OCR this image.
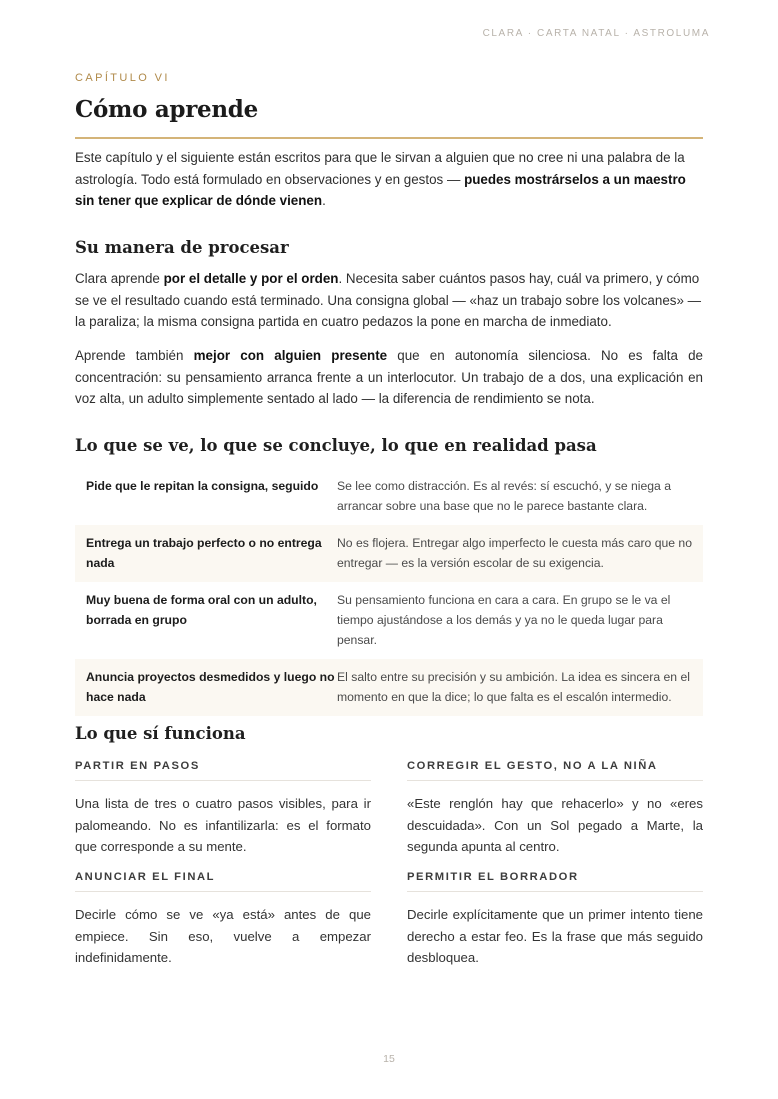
CLARA · CARTA NATAL · ASTROLUMA
CAPÍTULO VI
Cómo aprende

Este capítulo y el siguiente están escritos para que le sirvan a alguien que no cree ni una palabra de la astrología. Todo está formulado en observaciones y en gestos — puedes mostrárselos a un maestro sin tener que explicar de dónde vienen.

Su manera de procesar

Clara aprende por el detalle y por el orden. Necesita saber cuántos pasos hay, cuál va primero, y cómo se ve el resultado cuando está terminado. Una consigna global — «haz un trabajo sobre los volcanes» — la paraliza; la misma consigna partida en cuatro pedazos la pone en marcha de inmediato.

Aprende también mejor con alguien presente que en autonomía silenciosa. No es falta de concentración: su pensamiento arranca frente a un interlocutor. Un trabajo de a dos, una explicación en voz alta, un adulto simplemente sentado al lado — la diferencia de rendimiento se nota.

Lo que se ve, lo que se concluye, lo que en realidad pasa
Pide que le repitan la consigna, seguido	Se lee como distracción. Es al revés: sí escuchó, y se niega a arrancar sobre una base que no le parece bastante clara.
Entrega un trabajo perfecto o no entrega nada
No es flojera. Entregar algo imperfecto le cuesta más caro que no entregar — es la versión escolar de su exigencia.
Muy buena de forma oral con un adulto, borrada en grupo
Su pensamiento funciona en cara a cara. En grupo se le va el tiempo ajustándose a los demás y ya no le queda lugar para pensar.
Anuncia proyectos desmedidos y luego no hace nada
El salto entre su precisión y su ambición. La idea es sincera en el momento en que la dice; lo que falta es el escalón intermedio.
Lo que sí funciona
PARTIR EN PASOS
Una lista de tres o cuatro pasos visibles, para ir palomeando. No es infantilizarla: es el formato que corresponde a su mente.
CORREGIR EL GESTO, NO A LA NIÑA
«Este renglón hay que rehacerlo» y no «eres descuidada». Con un Sol pegado a Marte, la segunda apunta al centro.
ANUNCIAR EL FINAL
Decirle cómo se ve «ya está» antes de que empiece. Sin eso, vuelve a empezar indefinidamente.
PERMITIR EL BORRADOR
Decirle explícitamente que un primer intento tiene derecho a estar feo. Es la frase que más seguido desbloquea.
15
